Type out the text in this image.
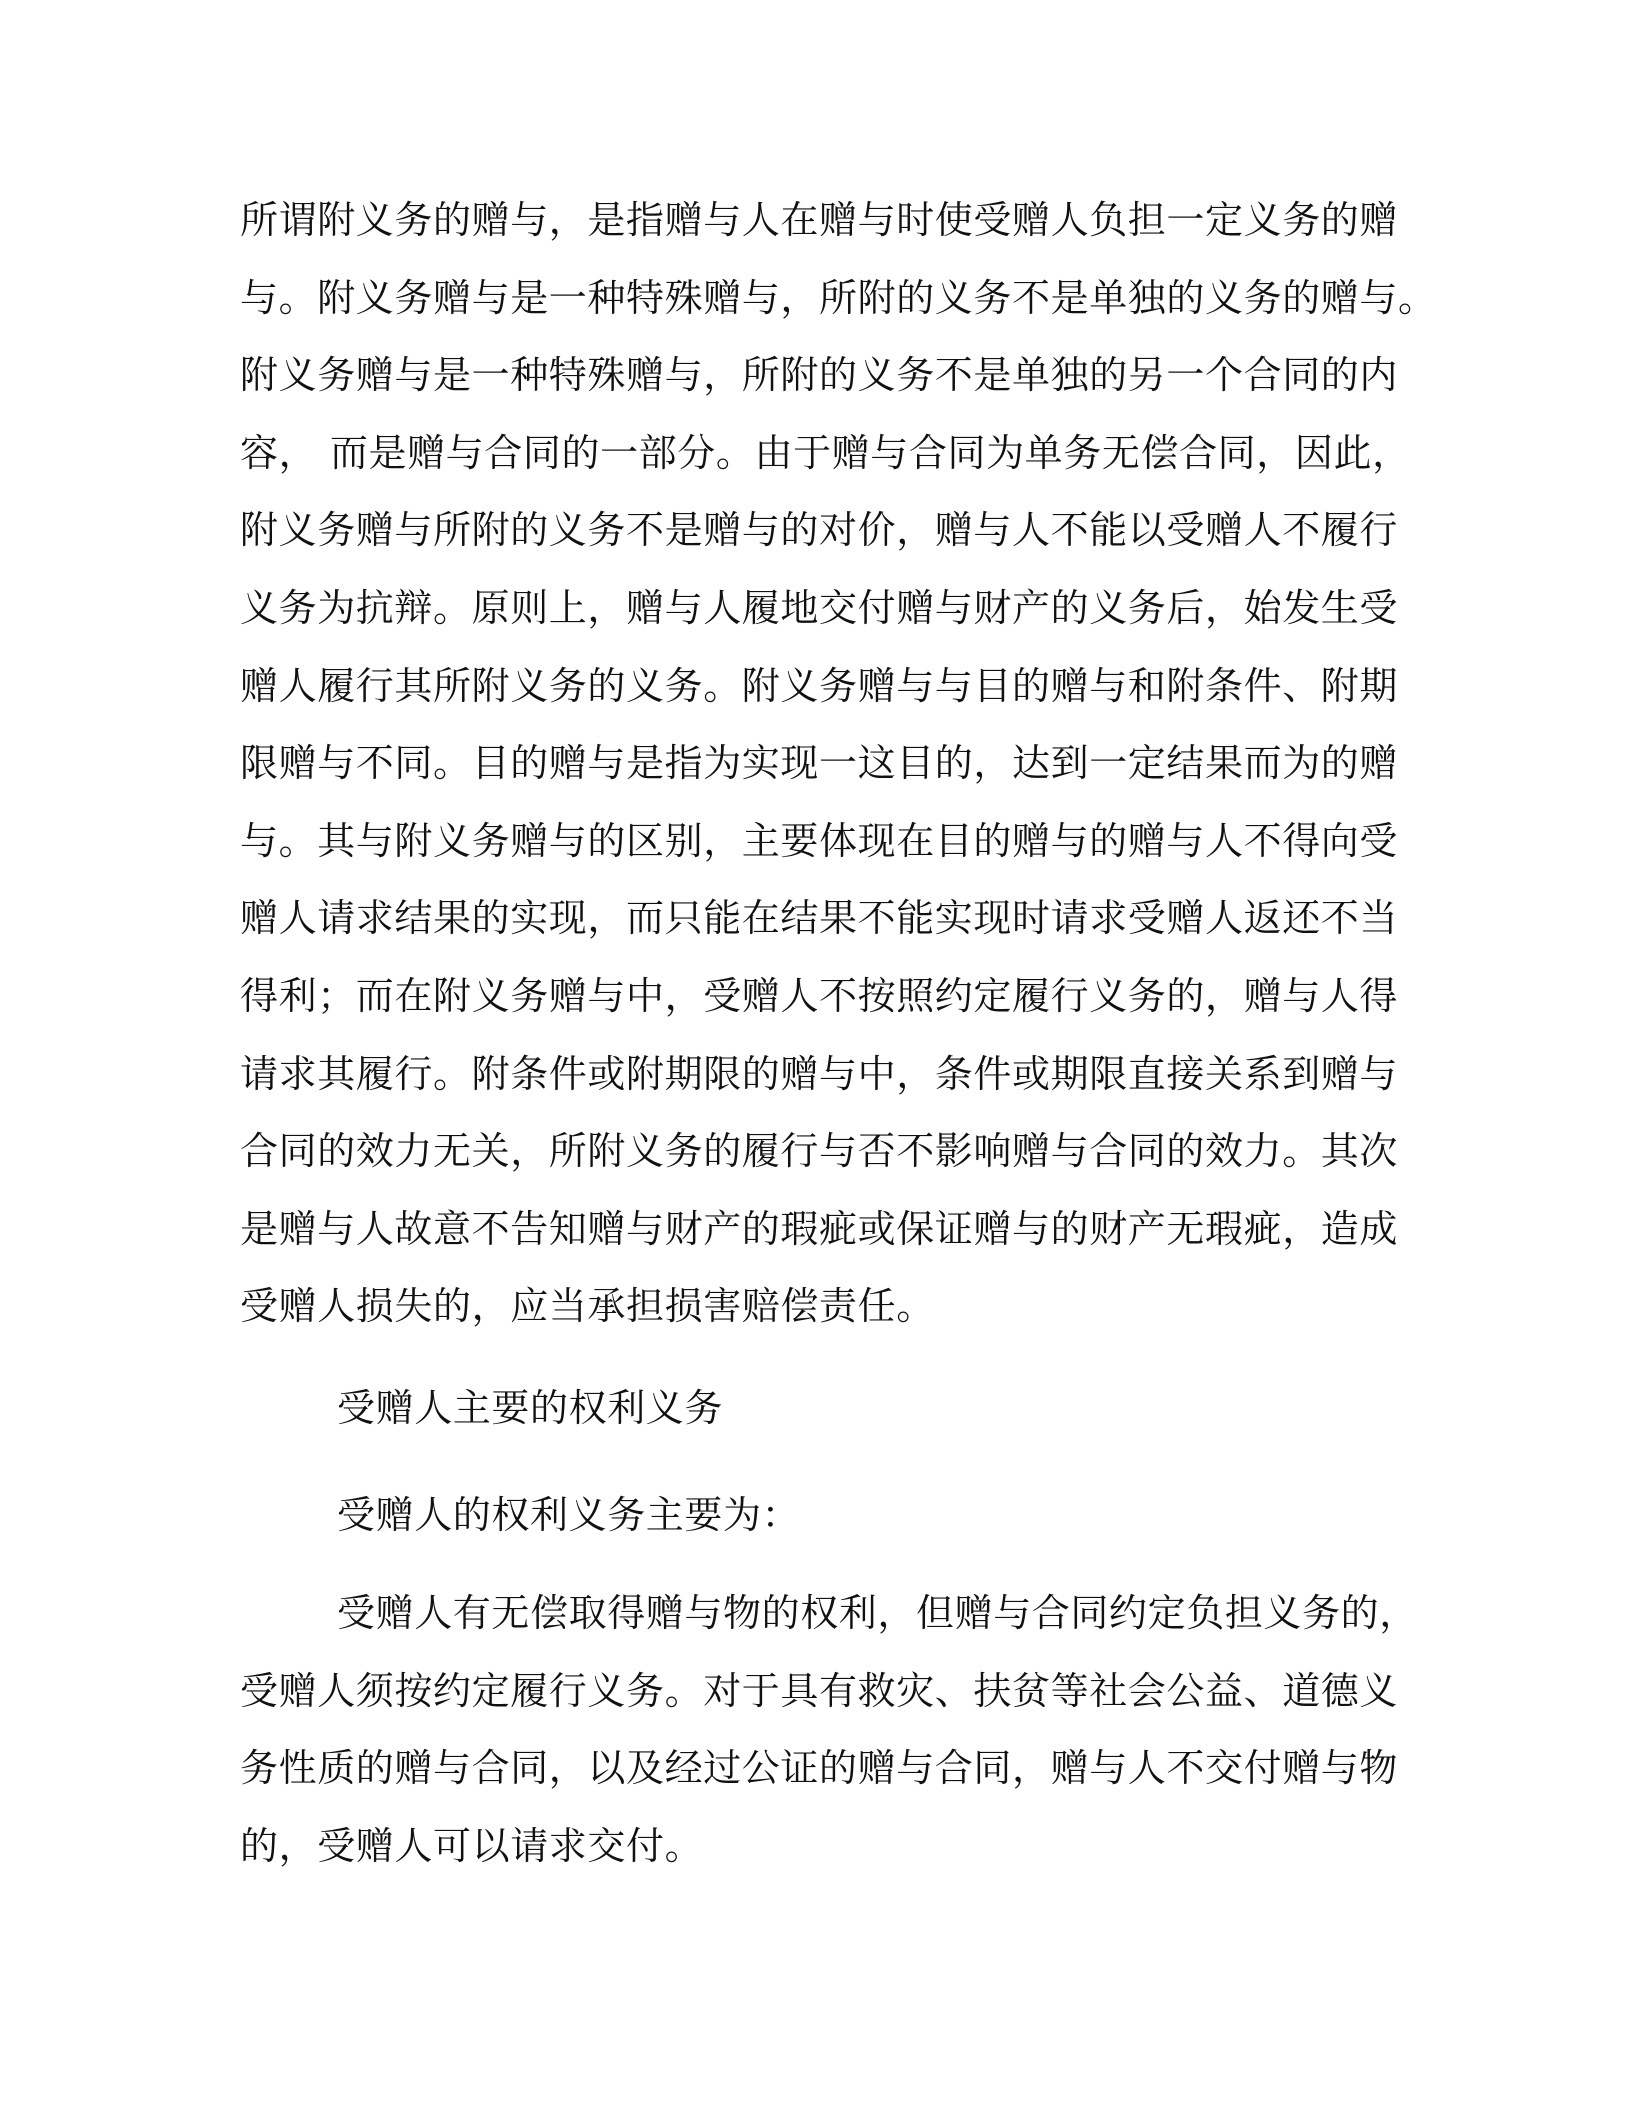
所谓附义务的赠与，是指赠与人在赠与时使受赠人负担一定义务的赠
与。附义务赠与是一种特殊赠与，所附的义务不是单独的义务的赠与。
附义务赠与是一种特殊赠与，所附的义务不是单独的另一个合同的内
容， 而是赠与合同的一部分。由于赠与合同为单务无偿合同，因此，
附义务赠与所附的义务不是赠与的对价，赠与人不能以受赠人不履行
义务为抗辩。原则上，赠与人履地交付赠与财产的义务后，始发生受
赠人履行其所附义务的义务。附义务赠与与目的赠与和附条件、附期
限赠与不同。目的赠与是指为实现一这目的，达到一定结果而为的赠
与。其与附义务赠与的区别，主要体现在目的赠与的赠与人不得向受
赠人请求结果的实现，而只能在结果不能实现时请求受赠人返还不当
得利；而在附义务赠与中，受赠人不按照约定履行义务的，赠与人得
请求其履行。附条件或附期限的赠与中，条件或期限直接关系到赠与
合同的效力无关，所附义务的履行与否不影响赠与合同的效力。其次
是赠与人故意不告知赠与财产的瑕疵或保证赠与的财产无瑕疵，造成
受赠人损失的，应当承担损害赔偿责任。
受赠人主要的权利义务
受赠人的权利义务主要为：
受赠人有无偿取得赠与物的权利，但赠与合同约定负担义务的，
受赠人须按约定履行义务。对于具有救灾、扶贫等社会公益、道德义
务性质的赠与合同，以及经过公证的赠与合同，赠与人不交付赠与物
的，受赠人可以请求交付。
